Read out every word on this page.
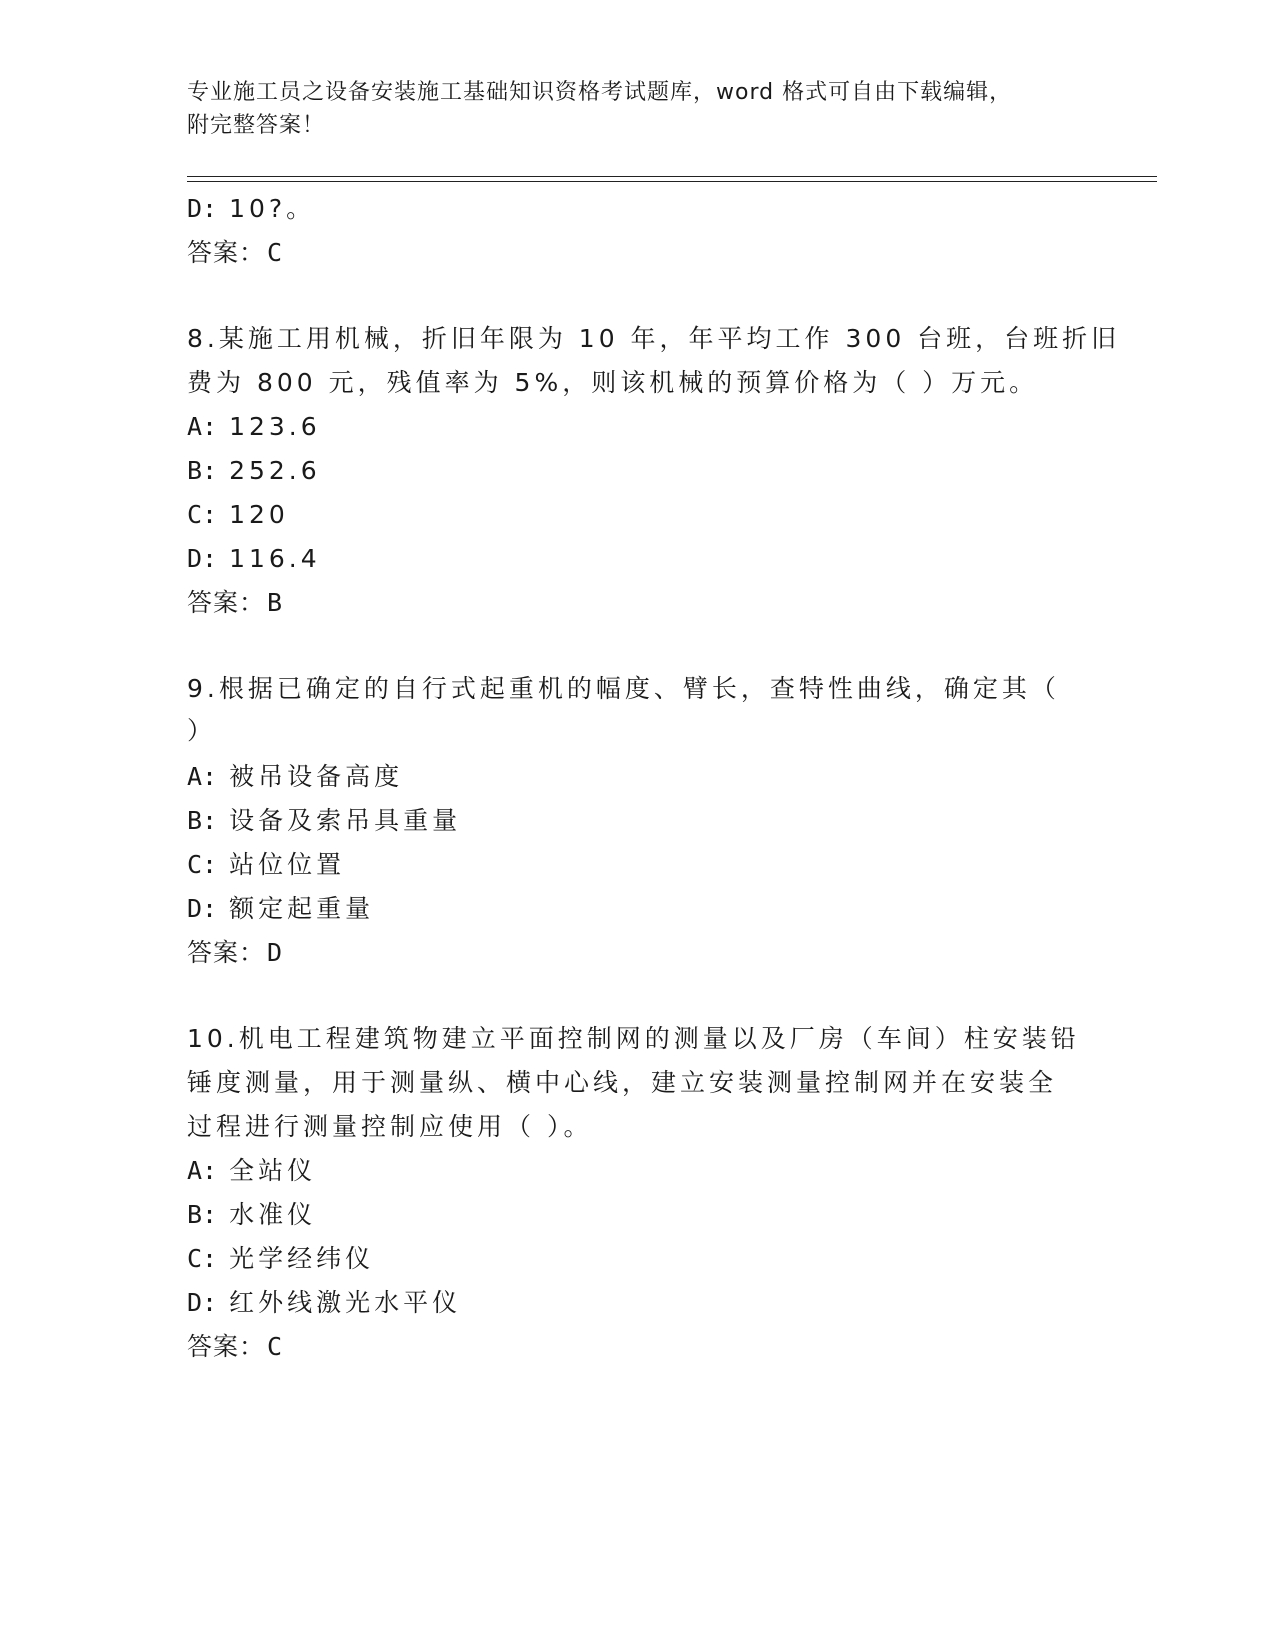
专业施工员之设备安装施工基础知识资格考试题库，word 格式可自由下载编辑，
附完整答案！
D: 10?。
答案：C
8.某施工用机械，折旧年限为 10 年，年平均工作 300 台班，台班折旧
费为 800 元，残值率为 5%，则该机械的预算价格为（ ）万元。
A: 123.6
B: 252.6
C: 120
D: 116.4
答案：B
9.根据已确定的自行式起重机的幅度、臂长，查特性曲线，确定其（
）
A: 被吊设备高度
B: 设备及索吊具重量
C: 站位位置
D: 额定起重量
答案：D
10.机电工程建筑物建立平面控制网的测量以及厂房（车间）柱安装铅
锤度测量，用于测量纵、横中心线，建立安装测量控制网并在安装全
过程进行测量控制应使用（ ）。
A: 全站仪
B: 水准仪
C: 光学经纬仪
D: 红外线激光水平仪
答案：C
